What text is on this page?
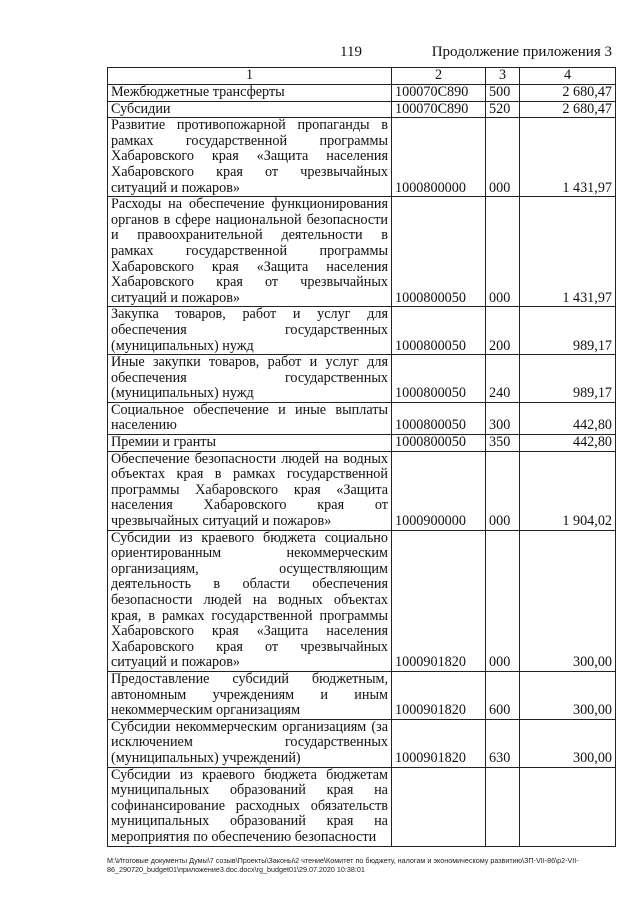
119	Продолжение приложения 3
1	2	3	4
Межбюджетные трансферты	100070С890	500	2 680,47
Субсидии	100070С890	520	2 680,47
Развитие противопожарной пропаганды в рамках государственной программы Хабаровского края «Защита населения Хабаровского края от чрезвычайных ситуаций и пожаров»	1000800000	000	1 431,97
Расходы на обеспечение функционирования органов в сфере национальной безопасности и правоохранительной деятельности в рамках государственной программы Хабаровского края «Защита населения Хабаровского края от чрезвычайных ситуаций и пожаров»	1000800050	000	1 431,97
Закупка товаров, работ и услуг для обеспечения государственных (муниципальных) нужд	1000800050	200	989,17
Иные закупки товаров, работ и услуг для обеспечения государственных (муниципальных) нужд	1000800050	240	989,17
Социальное обеспечение и иные выплаты населению	1000800050	300	442,80
Премии и гранты	1000800050	350	442,80
Обеспечение безопасности людей на водных объектах края в рамках государственной программы Хабаровского края «Защита населения Хабаровского края от чрезвычайных ситуаций и пожаров»	1000900000	000	1 904,02
Субсидии из краевого бюджета социально ориентированным некоммерческим организациям, осуществляющим деятельность в области обеспечения безопасности людей на водных объектах края, в рамках государственной программы Хабаровского края «Защита населения Хабаровского края от чрезвычайных ситуаций и пожаров»	1000901820	000	300,00
Предоставление субсидий бюджетным, автономным учреждениям и иным некоммерческим организациям	1000901820	600	300,00
Субсидии некоммерческим организациям (за исключением государственных (муниципальных) учреждений)	1000901820	630	300,00
Субсидии из краевого бюджета бюджетам муниципальных образований края на софинансирование расходных обязательств муниципальных образований края на мероприятия по обеспечению безопасности			
M:\Итоговые документы Думы\7 созыв\Проекты\Законы\2 чтение\Комитет по бюджету, налогам и экономическому развитию\ЗП-VII-86\р2-VII-86_290720_budget01\приложение3.doc.docx\rg_budget01\29.07.2020 10:38:01
